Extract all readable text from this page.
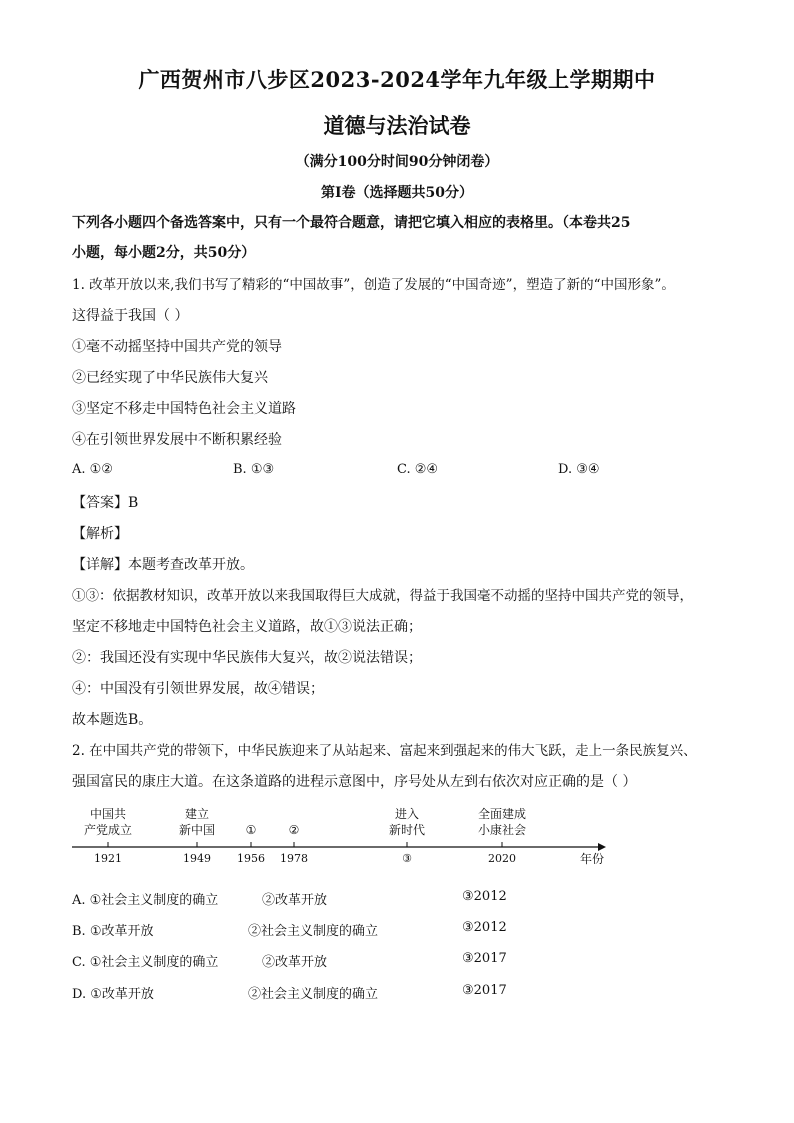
广西贺州市八步区2023-2024学年九年级上学期期中
道德与法治试卷
（满分100分时间90分钟闭卷）
第Ⅰ卷（选择题共50分）
下列各小题四个备选答案中，只有一个最符合题意，请把它填入相应的表格里。（本卷共25
小题，每小题2分，共50分）
1. 改革开放以来,我们书写了精彩的“中国故事”，创造了发展的“中国奇迹”，塑造了新的“中国形象”。
这得益于我国（ ）
①毫不动摇坚持中国共产党的领导
②已经实现了中华民族伟大复兴
③坚定不移走中国特色社会主义道路
④在引领世界发展中不断积累经验
A. ①②	B. ①③	C. ②④	D. ③④
【答案】B
【解析】
【详解】本题考查改革开放。
①③：依据教材知识，改革开放以来我国取得巨大成就，得益于我国毫不动摇的坚持中国共产党的领导，
坚定不移地走中国特色社会主义道路，故①③说法正确；
②：我国还没有实现中华民族伟大复兴，故②说法错误；
④：中国没有引领世界发展，故④错误；
故本题选B。
2. 在中国共产党的带领下，中华民族迎来了从站起来、富起来到强起来的伟大飞跃，走上一条民族复兴、
强国富民的康庄大道。在这条道路的进程示意图中，序号处从左到右依次对应正确的是（ ）
中国共
产党成立
1921
建立
新中国
1949
①
1956
②
1978
进入
新时代
③
全面建成
小康社会
2020	年份
A. ①社会主义制度的确立	②改革开放	③2012
B. ①改革开放	②社会主义制度的确立	③2012
C. ①社会主义制度的确立	②改革开放	③2017
D. ①改革开放	②社会主义制度的确立	③2017
